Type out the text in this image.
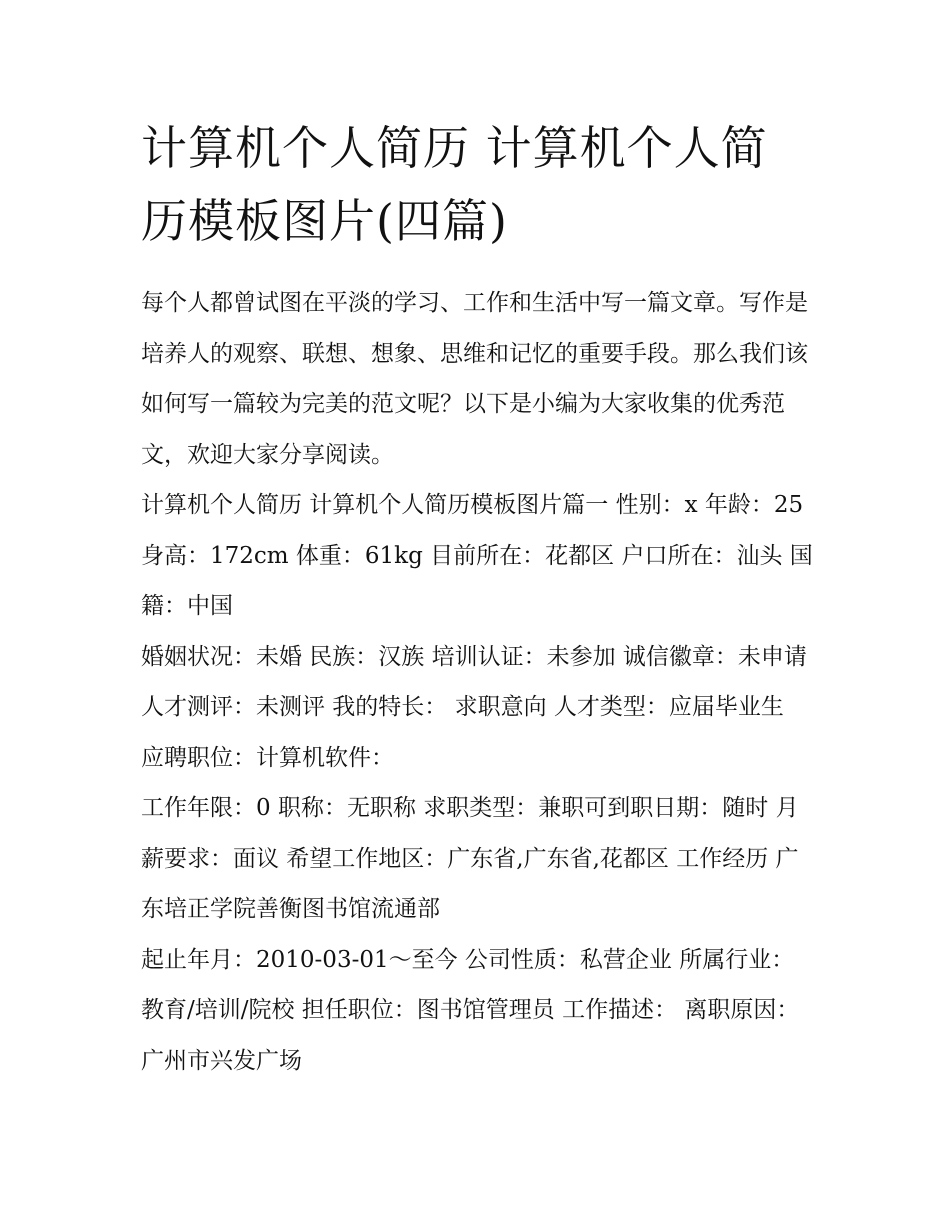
计算机个人简历 计算机个人简历模板图片(四篇)

每个人都曾试图在平淡的学习、工作和生活中写一篇文章。写作是培养人的观察、联想、想象、思维和记忆的重要手段。那么我们该如何写一篇较为完美的范文呢？以下是小编为大家收集的优秀范文，欢迎大家分享阅读。

计算机个人简历 计算机个人简历模板图片篇一 性别：x 年龄：25 身高：172cm 体重：61kg 目前所在：花都区 户口所在：汕头 国籍：中国

婚姻状况：未婚 民族：汉族 培训认证：未参加 诚信徽章：未申请 人才测评：未测评 我的特长： 求职意向 人才类型：应届毕业生 应聘职位：计算机软件：

工作年限：0 职称：无职称 求职类型：兼职可到职日期：随时 月薪要求：面议 希望工作地区：广东省,广东省,花都区 工作经历 广东培正学院善衡图书馆流通部

起止年月：2010-03-01～至今 公司性质：私营企业 所属行业：教育/培训/院校 担任职位：图书馆管理员 工作描述： 离职原因：广州市兴发广场
